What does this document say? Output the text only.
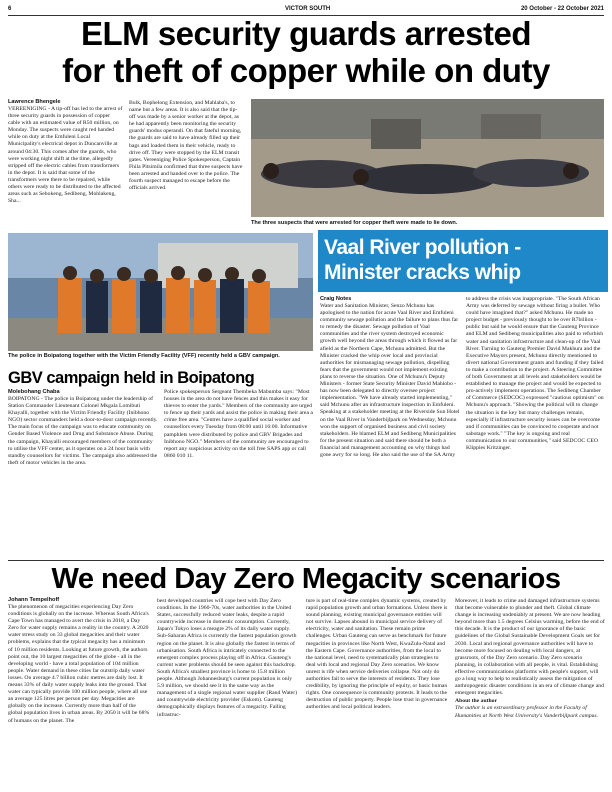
6	VICTOR SOUTH	20 October - 22 October 2021
ELM security guards arrested
for theft of copper while on duty
Lawrence Bhengele

VEREENIGING - A tip-off has led to the arrest of three security guards in possession of copper cable with an estimated value of R50 million, on Monday. The suspects were caught red handed while on duty at the Emfuleni Local Municipality's electrical depot in Duncanville at around 04:30. This comes after the guards, who were working night shift at the time, allegedly stripped off the electric cables from transformers in the depot. It is said that some of the transformers were there to be repaired, while others were ready to be distributed to the affected areas such as Sebokeng, Sedibeng, Mohlakeng, Sha...

Bulk, Bophelong Extension, and Mahlaba's, to name but a few areas. It is also said that the tip-off was made by a senior worker at the depot, as he had apparently been monitoring the security guards' modus operandi. On that fateful morning, the guards are said to have already filled up their bags and loaded them in their vehicle, ready to drive off. They were stopped by the ELM transit gates. Vereeniging Police Spokesperson, Captain Fhila Pitsimila confirmed that three suspects have been arrested and handed over to the police. The fourth suspect managed to escape before the officials arrived.

The three suspects that were arrested for copper theft were made to lie down.
The police in Boipatong together with the Victim Friendly Facility (VFF) recently held a GBV campaign.
GBV campaign held in Boipatong
Molebohang Chaba

BOIPATONG - The police in Boipatong under the leadership of Station Commander Lieutenant Colonel Mkgala Lomibuti Khayalli, together with the Victim Friendly Facility (Inibhono NGO) sector commanders held a door-to-door campaign recently. The main focus of the campaign was to educate community on Gender Based Violence and Drug and Substance Abuse. During the campaign, Khayalli encouraged members of the community to utilise the VFF center, as it operates on a 24 hour basis with standby counsellors for victims. The campaign also addressed the theft of motor vehicles in the area.

Police spokesperson Sergeant Thembeka Mabumba says: "Most houses in the area do not have fences and this makes it easy for thieves to enter the yards." Members of the community are urged to fence up their yards and assist the police in making their area a crime free area. "Centres have a qualified social worker and counsellors every Tuesday from 08:00 until 16:00. Informative pamphlets were distributed by police and GBV Brigades and Inibhono NGO." Members of the community are encouraged to report any suspicious activity on the toll free SAPS app or call 0860 010 11.

Vaal River pollution -
Minister cracks whip
Craig Notes

Water and Sanitation Minister, Senzo Mchunu has apologised to the nation for acute Vaal River and Emfuleni community sewage pollution and the failure to plans thus far to remedy the disaster. Sewage pollution of Vaal communities and the river system destroyed economic growth well beyond the areas through which it flowed as far afield as the Northern Cape, Mchunu admitted. But the Minister cracked the whip over local and provincial authorities for mismanaging sewage pollution, dispelling fears that the government would not implement existing plans to reverse the situation. One of Mchunu's Deputy Ministers - former State Security Minister David Mahlobo - has now been delegated to directly oversee project implementation. "We have already started implementing," said Mchunu after an infrastructure inspection in Emfuleni. Speaking at a stakeholder meeting at the Riverside Sun Hotel on the Vaal River in Vanderbijlpark on Wednesday, Mchunu won the support of organised business and civil society stakeholders. He blamed ELM and Sedibeng Municipalities for the present situation and said there should be both a financial and management accounting on why things had gone awry for so long. He also said the use of the SA Army

to address the crisis was inappropriate. "The South African Army was deferred by sewage without firing a bullet. Who could have imagined that?" asked Mchunu. He made no project budget - previously thought to be over R7billion - public but said he would ensure that the Gauteng Province and ELM and Sedibeng municipalities also paid to refurbish water and sanitation infrastructure and clean-up of the Vaal River. Turning to Gauteng Premier David Makhura and the Executive Mayors present, Mchunu directly mentioned to divert national Government grants and funding if they failed to make a contribution to the project. A Steering Committee of both Government at all levels and stakeholders would be established to manage the project and would be expected to pro-actively implement operations. The Sedibeng Chamber of Commerce (SEDCOC) expressed "cautious optimism" on Mchunu's approach. "Showing the political will to change the situation is the key but many challenges remain, especially if infrastructure security issues can be overcome and if communities can be convinced to cooperate and not sabotage work." "The key is ongoing and real communication to our communities," said SEDCOC CEO Klippies Kritzinger.

We need Day Zero Megacity scenarios
Johann Tempelhoff

The phenomenon of megacities experiencing Day Zero conditions is globally on the increase. Whereas South Africa's Cape Town has managed to avert the crisis in 2018, a Day Zero for water supply remains a reality in the country. A 2020 water stress study on 33 global megacities and their water problems, explains that the typical megacity has a minimum of 10 million residents. Looking at future growth, the authors point out, the 10 largest megacities of the globe - all in the developing world - have a total population of 104 million people. Water demand in these cities far outstrip daily water losses. On average 4.7 billion cubic metres are daily lost. It means 33% of daily water supply leaks into the ground. That water can typically provide 100 million people, where all use an average 125 litres per person per day. Megacities are globally on the increase. Currently more than half of the global population lives in urban areas. By 2050 it will be 68% of humans on the planet. The

best developed countries will cope best with Day Zero conditions. In the 1960-70s, water authorities in the United States, successfully reduced water leaks, despite a rapid countrywide increase in domestic consumption. Currently, Japan's Tokyo loses a meagre 2% of its daily water supply. Sub-Saharan Africa is currently the fastest population growth region on the planet. It is also globally the fastest in terms of urbanisation. South Africa is intricately connected to the emergent complex process playing off in Africa. Gauteng's current water problems should be seen against this backdrop. South Africa's smallest province is home to 15.8 million people. Although Johannesburg's current population is only 5.9 million, we should see it in the same way as the management of a single regional water supplier (Rand Water) and countrywide electricity provider (Eskom). Gauteng demographically displays features of a megacity. Failing infrastruc-

ture is part of real-time complex dynamic systems, created by rapid population growth and urban formations. Unless there is sound planning, existing municipal governance entities will not survive. Lapses abound in municipal service delivery of electricity, water and sanitation. These remain prime challenges. Urban Gauteng can serve as benchmark for future megacities in provinces like North West, KwaZulu-Natal and the Eastern Cape. Governance authorities, from the local to the national level, need to systematically plan strategies to deal with local and regional Day Zero scenarios. We know unrest is rife when service deliveries collapse. Not only do authorities fail to serve the interests of residents. They lose credibility, by ignoring the principle of equity, or basic human rights. One consequence is community protests. It leads to the destruction of public property. People lose trust in governance authorities and local political leaders.

Moreover, it leads to crime and damaged infrastructure systems that become vulnerable to plunder and theft. Global climate change is increasing undeniably at present. We are now heading beyond more than 1.5 degrees Celsius warming, before the end of this decade. It is the product of our ignorance of the basic guidelines of the Global Sustainable Development Goals set for 2030. Local and regional governance authorities will have to become more focused on dealing with local dangers, at grassroots, of the Day Zero scenario. Day Zero scenario planning, in collaboration with all people, is vital. Establishing effective communications platforms with people's support, will go a long way to help to realistically assess the mitigation of anthropogenic disaster conditions in an era of climate change and emergent megacities.

About the author

The author is an extraordinary professor in the Faculty of Humanities at North West University's Vanderbijlpark campus.
